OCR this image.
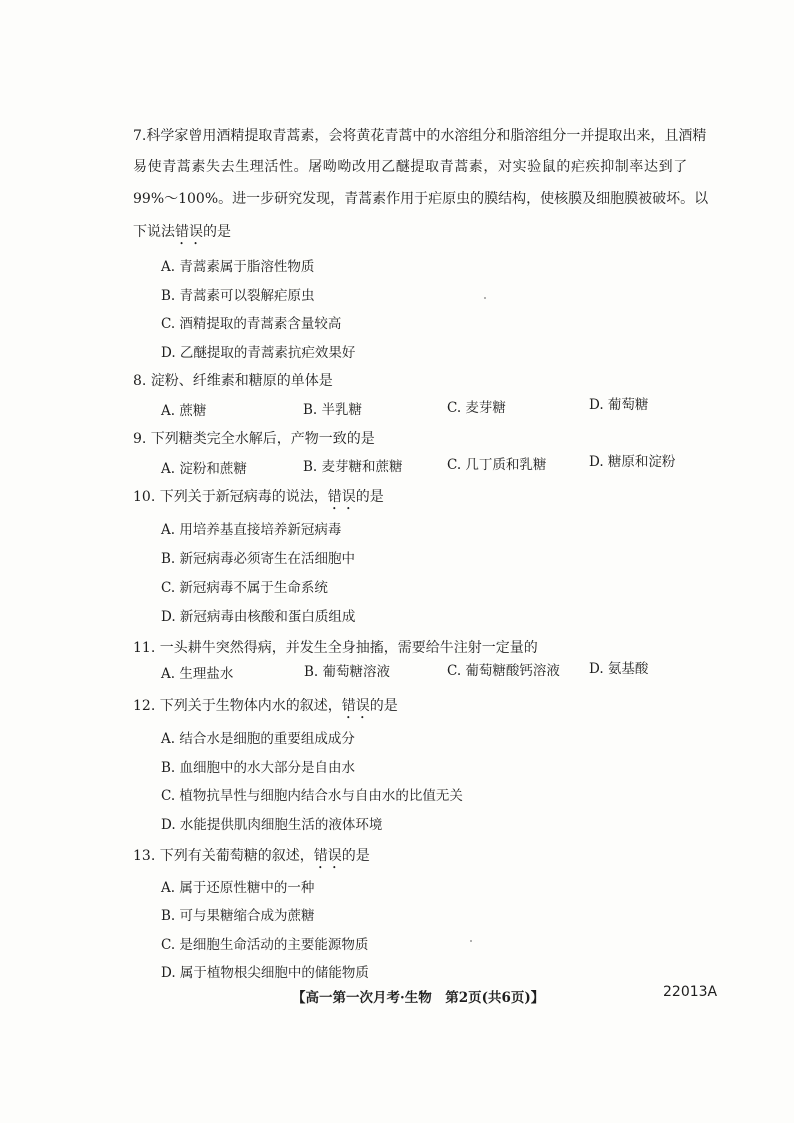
7.科学家曾用酒精提取青蒿素，会将黄花青蒿中的水溶组分和脂溶组分一并提取出来，且酒精
易使青蒿素失去生理活性。屠呦呦改用乙醚提取青蒿素，对实验鼠的疟疾抑制率达到了
99%～100%。进一步研究发现，青蒿素作用于疟原虫的膜结构，使核膜及细胞膜被破坏。以
下说法错误的是
A. 青蒿素属于脂溶性物质
B. 青蒿素可以裂解疟原虫
C. 酒精提取的青蒿素含量较高
D. 乙醚提取的青蒿素抗疟效果好
8. 淀粉、纤维素和糖原的单体是
A. 蔗糖	B. 半乳糖	C. 麦芽糖	D. 葡萄糖
9. 下列糖类完全水解后，产物一致的是
A. 淀粉和蔗糖	B. 麦芽糖和蔗糖	C. 几丁质和乳糖	D. 糖原和淀粉
10. 下列关于新冠病毒的说法，错误的是
A. 用培养基直接培养新冠病毒
B. 新冠病毒必须寄生在活细胞中
C. 新冠病毒不属于生命系统
D. 新冠病毒由核酸和蛋白质组成
11. 一头耕牛突然得病，并发生全身抽搐，需要给牛注射一定量的
A. 生理盐水	B. 葡萄糖溶液	C. 葡萄糖酸钙溶液 D. 氨基酸
12. 下列关于生物体内水的叙述，错误的是
A. 结合水是细胞的重要组成成分
B. 血细胞中的水大部分是自由水
C. 植物抗旱性与细胞内结合水与自由水的比值无关
D. 水能提供肌肉细胞生活的液体环境
13. 下列有关葡萄糖的叙述，错误的是
A. 属于还原性糖中的一种
B. 可与果糖缩合成为蔗糖
C. 是细胞生命活动的主要能源物质
D. 属于植物根尖细胞中的储能物质
【高一第一次月考·生物　第2页(共6页)】	22013A
